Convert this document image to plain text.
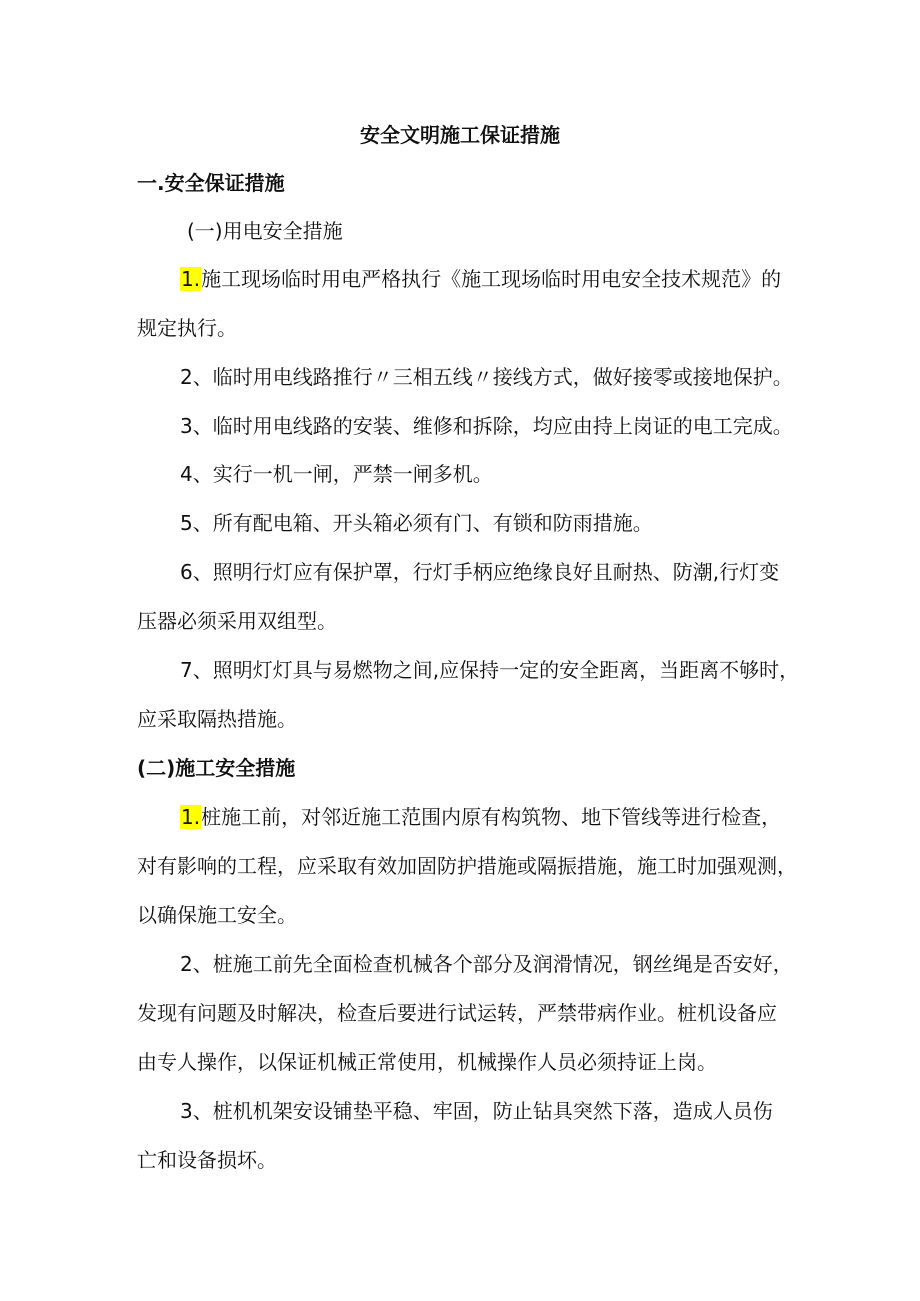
安全文明施工保证措施
一.安全保证措施
(一)用电安全措施
1.施工现场临时用电严格执行《施工现场临时用电安全技术规范》的
规定执行。
2、临时用电线路推行〃三相五线〃接线方式，做好接零或接地保护。
3、临时用电线路的安装、维修和拆除，均应由持上岗证的电工完成。
4、实行一机一闸，严禁一闸多机。
5、所有配电箱、开头箱必须有门、有锁和防雨措施。
6、照明行灯应有保护罩，行灯手柄应绝缘良好且耐热、防潮,行灯变
压器必须采用双组型。
7、照明灯灯具与易燃物之间,应保持一定的安全距离，当距离不够时，
应采取隔热措施。
(二)施工安全措施
1.桩施工前，对邻近施工范围内原有构筑物、地下管线等进行检查，
对有影响的工程，应采取有效加固防护措施或隔振措施，施工时加强观测，
以确保施工安全。
2、桩施工前先全面检查机械各个部分及润滑情况，钢丝绳是否安好，
发现有问题及时解决，检查后要进行试运转，严禁带病作业。桩机设备应
由专人操作，以保证机械正常使用，机械操作人员必须持证上岗。
3、桩机机架安设铺垫平稳、牢固，防止钻具突然下落，造成人员伤
亡和设备损坏。
